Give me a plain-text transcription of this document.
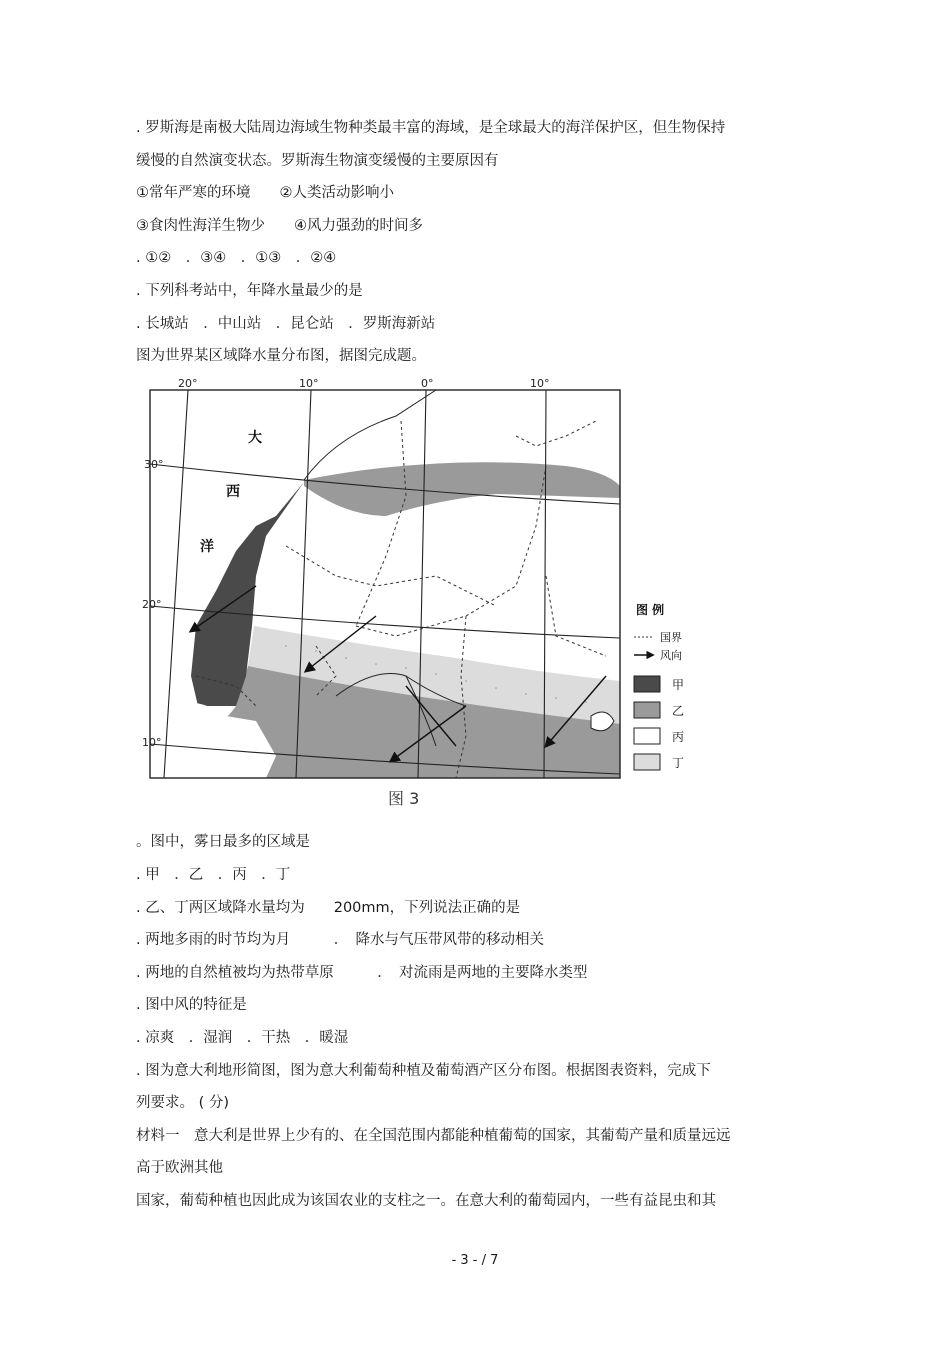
. 罗斯海是南极大陆周边海域生物种类最丰富的海域，是全球最大的海洋保护区，但生物保持
缓慢的自然演变状态。罗斯海生物演变缓慢的主要原因有
①常年严寒的环境　　②人类活动影响小
③食肉性海洋生物少　　④风力强劲的时间多
. ①②　．③④　．①③　．②④
. 下列科考站中，年降水量最少的是
. 长城站　．中山站　．昆仑站　．罗斯海新站
图为世界某区域降水量分布图，据图完成题。
20°	10°	0°	10°
30°
20°
10°
大
西
洋
图 3
图 例
国界
风向
甲
乙
丙
丁
。图中，雾日最多的区域是
. 甲　．乙　．丙　．丁
. 乙、丁两区域降水量均为　　200mm，下列说法正确的是
. 两地多雨的时节均为月　　　．　降水与气压带风带的移动相关
. 两地的自然植被均为热带草原　　　．　对流雨是两地的主要降水类型
. 图中风的特征是
. 凉爽　．湿润　．干热　．暖湿
. 图为意大利地形简图，图为意大利葡萄种植及葡萄酒产区分布图。根据图表资料，完成下
列要求。 ( 分)
材料一　意大利是世界上少有的、在全国范围内都能种植葡萄的国家，其葡萄产量和质量远远
高于欧洲其他
国家，葡萄种植也因此成为该国农业的支柱之一。在意大利的葡萄园内，一些有益昆虫和其
- 3 - / 7
